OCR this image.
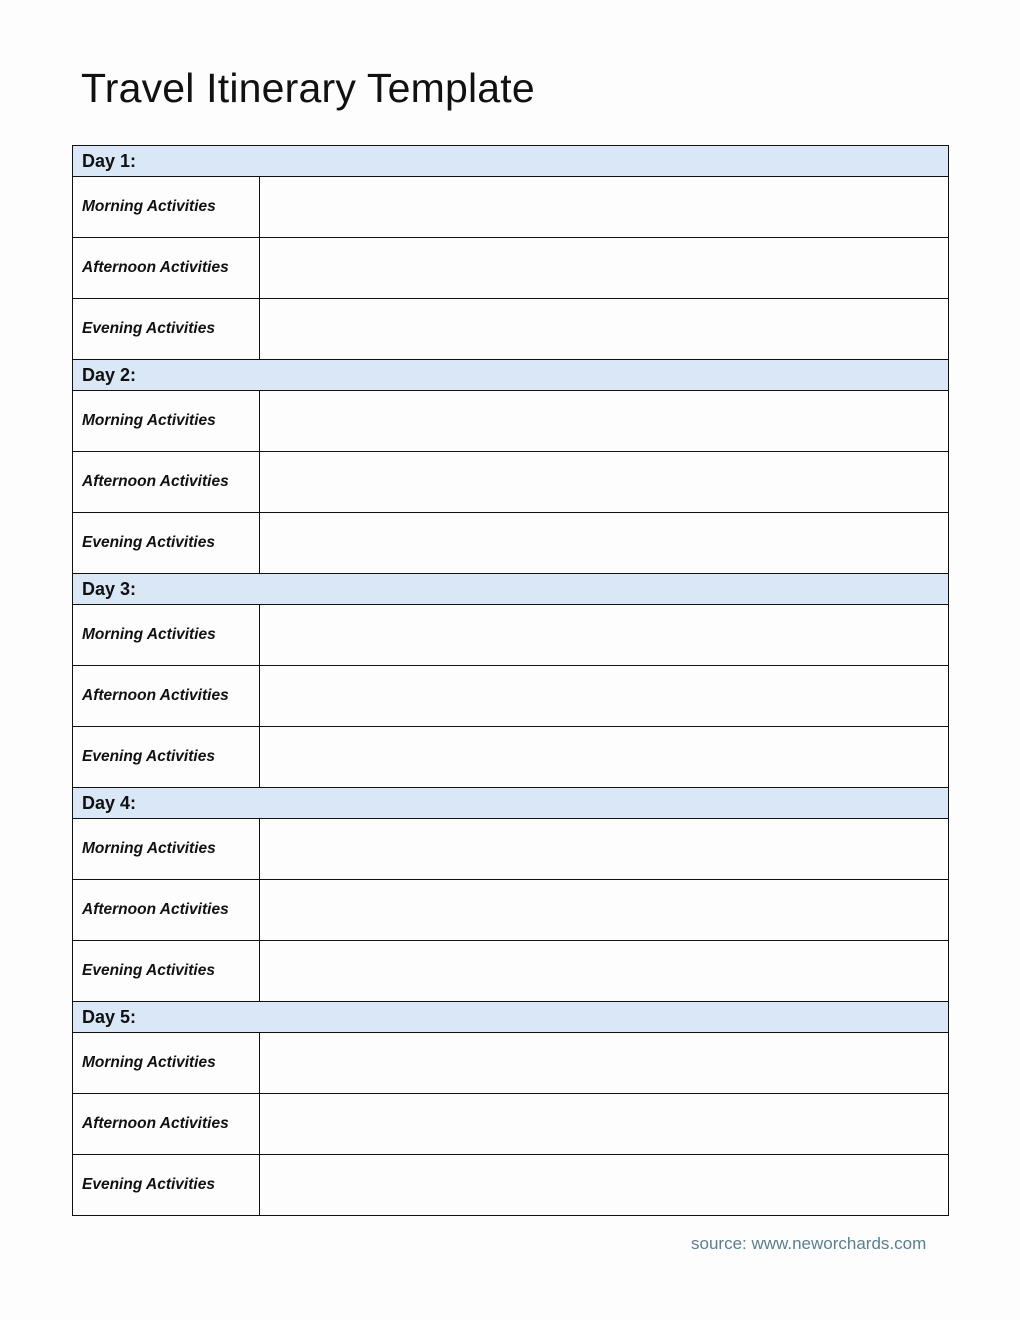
Travel Itinerary Template
Day 1:	
Morning Activities	
Afternoon Activities	
Evening Activities	
Day 2:	
Morning Activities	
Afternoon Activities	
Evening Activities	
Day 3:	
Morning Activities	
Afternoon Activities	
Evening Activities	
Day 4:	
Morning Activities	
Afternoon Activities	
Evening Activities	
Day 5:	
Morning Activities	
Afternoon Activities	
Evening Activities	
source: www.neworchards.com
